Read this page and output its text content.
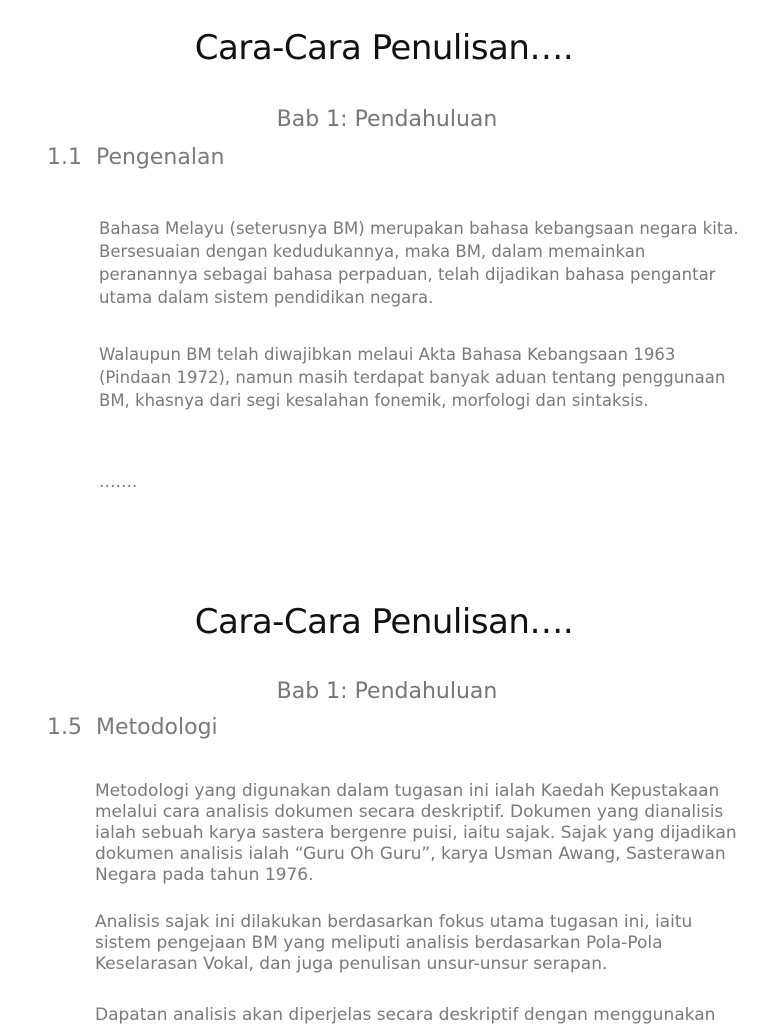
Cara-Cara Penulisan….
Bab 1: Pendahuluan
1.1  Pengenalan

Bahasa Melayu (seterusnya BM) merupakan bahasa kebangsaan negara kita. Bersesuaian dengan kedudukannya, maka BM, dalam memainkan peranannya sebagai bahasa perpaduan, telah dijadikan bahasa pengantar utama dalam sistem pendidikan negara.

Walaupun BM telah diwajibkan melaui Akta Bahasa Kebangsaan 1963 (Pindaan 1972), namun masih terdapat banyak aduan tentang penggunaan BM, khasnya dari segi kesalahan fonemik, morfologi dan sintaksis.

…….

Cara-Cara Penulisan….
Bab 1: Pendahuluan
1.5  Metodologi

Metodologi yang digunakan dalam tugasan ini ialah Kaedah Kepustakaan melalui cara analisis dokumen secara deskriptif. Dokumen yang dianalisis ialah sebuah karya sastera bergenre puisi, iaitu sajak. Sajak yang dijadikan dokumen analisis ialah “Guru Oh Guru”, karya Usman Awang, Sasterawan Negara pada tahun 1976.

Analisis sajak ini dilakukan berdasarkan fokus utama tugasan ini, iaitu sistem pengejaan BM yang meliputi analisis berdasarkan Pola-Pola Keselarasan Vokal, dan juga penulisan unsur-unsur serapan.

Dapatan analisis akan diperjelas secara deskriptif dengan menggunakan
